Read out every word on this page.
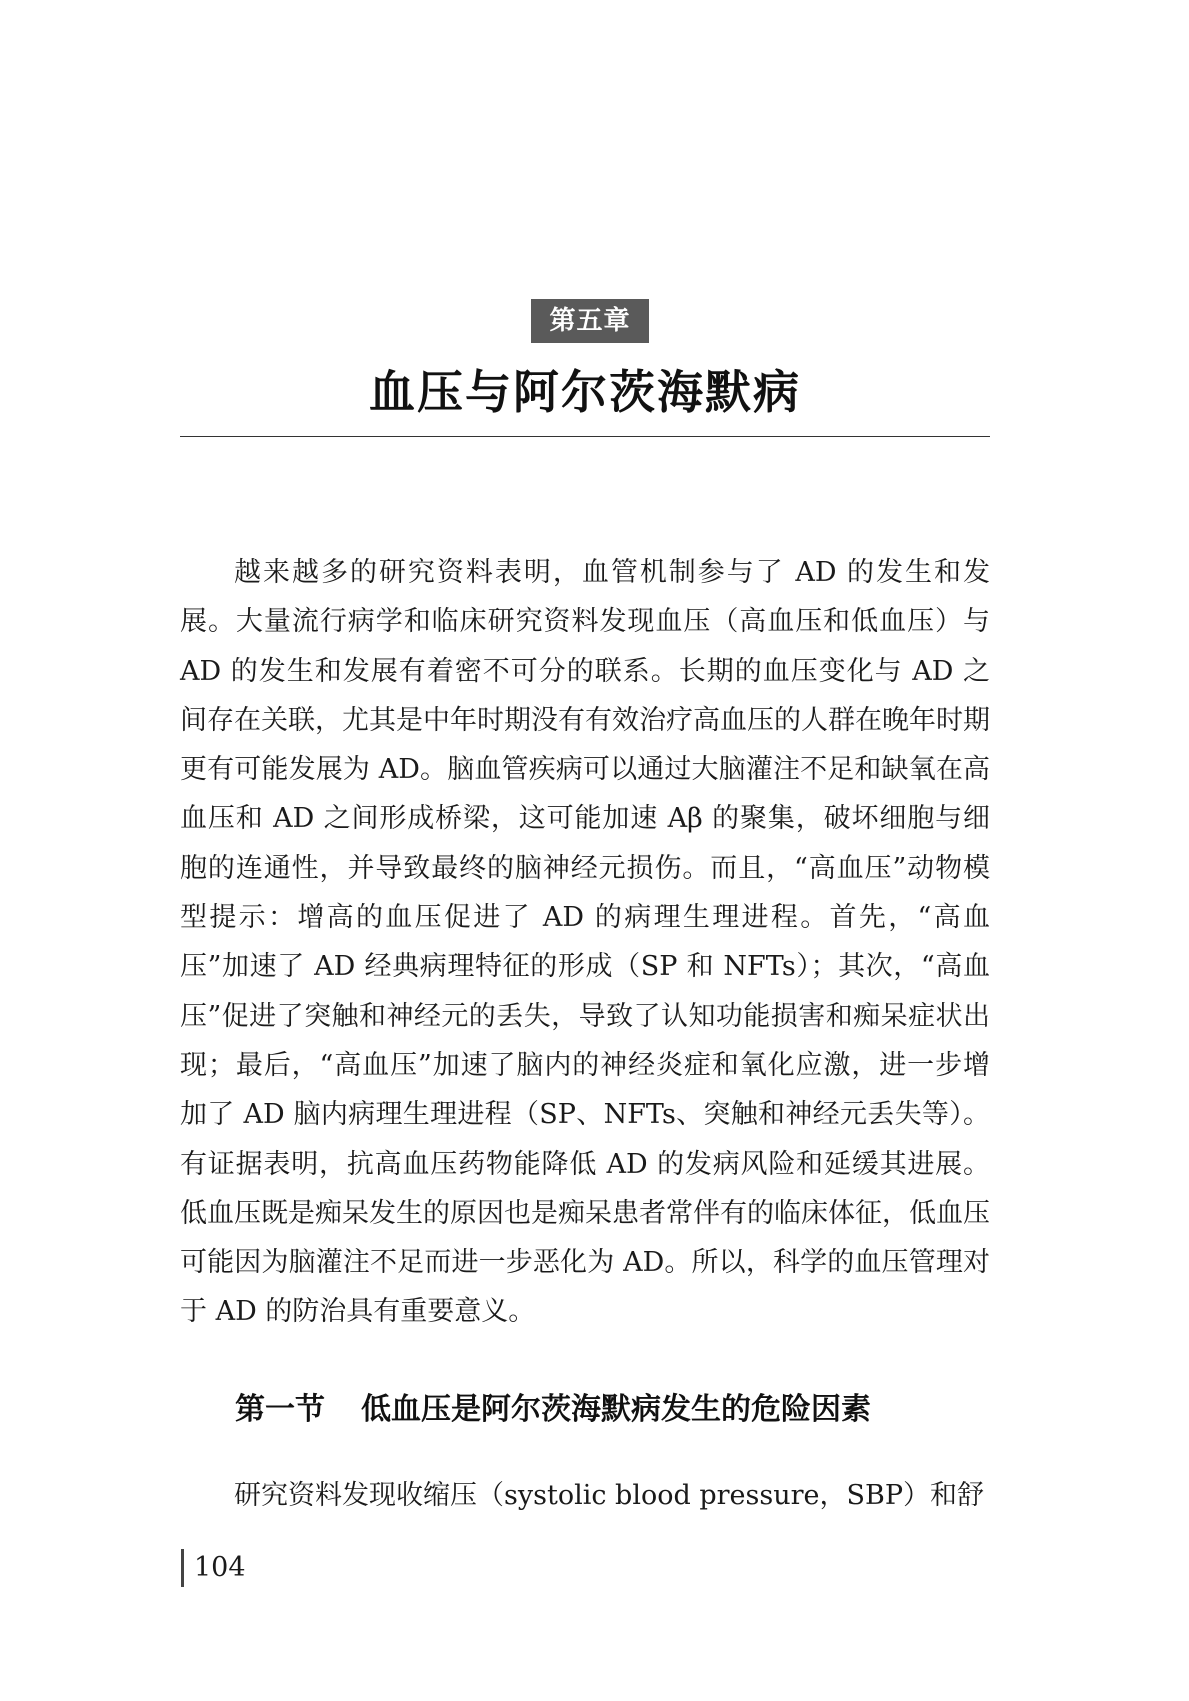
第五章
血压与阿尔茨海默病

越来越多的研究资料表明，血管机制参与了 AD 的发生和发展。大量流行病学和临床研究资料发现血压（高血压和低血压）与 AD 的发生和发展有着密不可分的联系。长期的血压变化与 AD 之间存在关联，尤其是中年时期没有有效治疗高血压的人群在晚年时期更有可能发展为 AD。脑血管疾病可以通过大脑灌注不足和缺氧在高血压和 AD 之间形成桥梁，这可能加速 Aβ 的聚集，破坏细胞与细胞的连通性，并导致最终的脑神经元损伤。而且，“高血压”动物模型提示：增高的血压促进了 AD 的病理生理进程。首先，“高血压”加速了 AD 经典病理特征的形成（SP 和 NFTs）；其次，“高血压”促进了突触和神经元的丢失，导致了认知功能损害和痴呆症状出现；最后，“高血压”加速了脑内的神经炎症和氧化应激，进一步增加了 AD 脑内病理生理进程（SP、NFTs、突触和神经元丢失等）。有证据表明，抗高血压药物能降低 AD 的发病风险和延缓其进展。低血压既是痴呆发生的原因也是痴呆患者常伴有的临床体征，低血压可能因为脑灌注不足而进一步恶化为 AD。所以，科学的血压管理对于 AD 的防治具有重要意义。

第一节 低血压是阿尔茨海默病发生的危险因素

研究资料发现收缩压（systolic blood pressure，SBP）和舒

104
